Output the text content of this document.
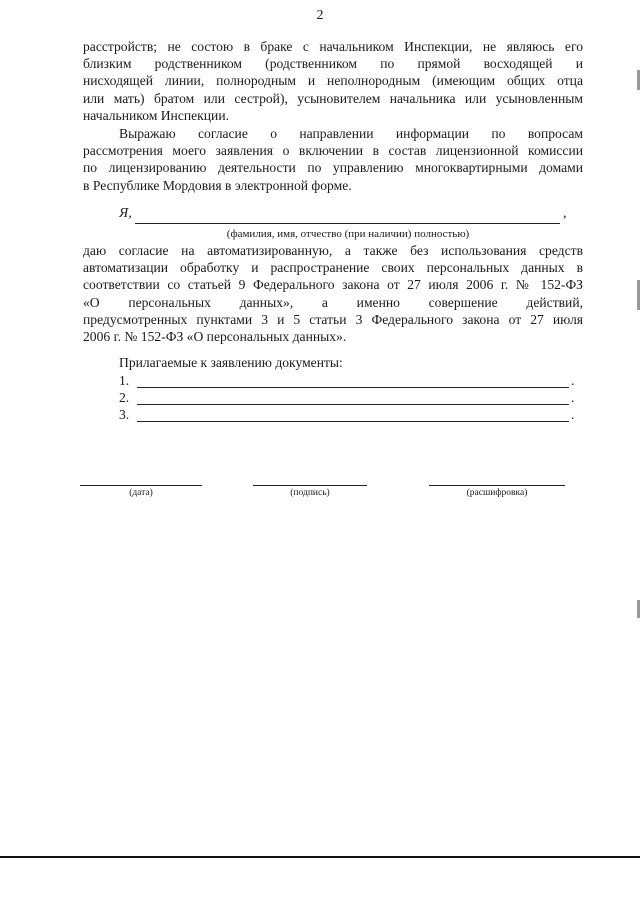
2
расстройств; не состою в браке с начальником Инспекции, не являюсь его
близким родственником (родственником по прямой восходящей и
нисходящей линии, полнородным и неполнородным (имеющим общих отца
или мать) братом или сестрой), усыновителем начальника или усыновленным
начальником Инспекции.
Выражаю согласие о направлении информации по вопросам
рассмотрения моего заявления о включении в состав лицензионной комиссии
по лицензированию деятельности по управлению многоквартирными домами
в Республике Мордовия в электронной форме.
Я,	,
(фамилия, имя, отчество (при наличии) полностью)
даю согласие на автоматизированную, а также без использования средств
автоматизации обработку и распространение своих персональных данных в
соответствии со статьей 9 Федерального закона от 27 июля 2006 г. № 152-ФЗ
«О персональных данных», а именно совершение действий,
предусмотренных пунктами 3 и 5 статьи 3 Федерального закона от 27 июля
2006 г. № 152-ФЗ «О персональных данных».
Прилагаемые к заявлению документы:
1.	.
2.	.
3.	.
(дата)	(подпись)	(расшифровка)
